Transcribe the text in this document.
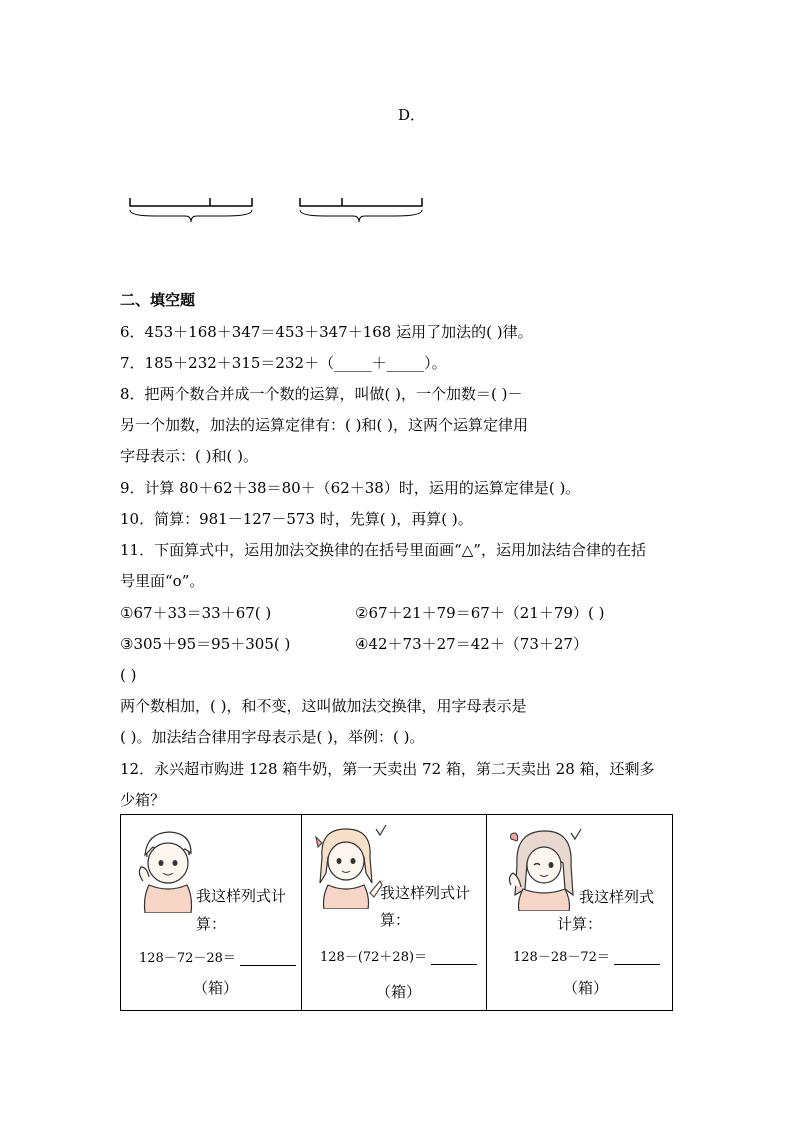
D．
二、填空题
6．453＋168＋347＝453＋347＋168 运用了加法的( )律。
7．185＋232＋315＝232＋（_____＋_____）。
8．把两个数合并成一个数的运算，叫做( )，一个加数＝( )－
另一个加数，加法的运算定律有：( )和( )，这两个运算定律用
字母表示：( )和( )。
9．计算 80＋62＋38＝80＋（62＋38）时，运用的运算定律是( )。
10．简算：981－127－573 时，先算( )，再算( )。
11．下面算式中，运用加法交换律的在括号里面画“△”，运用加法结合律的在括
号里面“o”。
①67＋33＝33＋67( )	②67＋21＋79＝67＋（21＋79）( )
③305＋95＝95＋305( )	④42＋73＋27＝42＋（73＋27）
( )
两个数相加，( )，和不变，这叫做加法交换律，用字母表示是
( )。加法结合律用字母表示是( )，举例：( )。
12．永兴超市购进 128 箱牛奶，第一天卖出 72 箱，第二天卖出 28 箱，还剩多
少箱？
我这样列式计
算：
128－72－28＝
（箱）
我这样列式计
算：
128－(72＋28)＝
（箱）
我这样列式
计算：
128－28－72＝
（箱）
